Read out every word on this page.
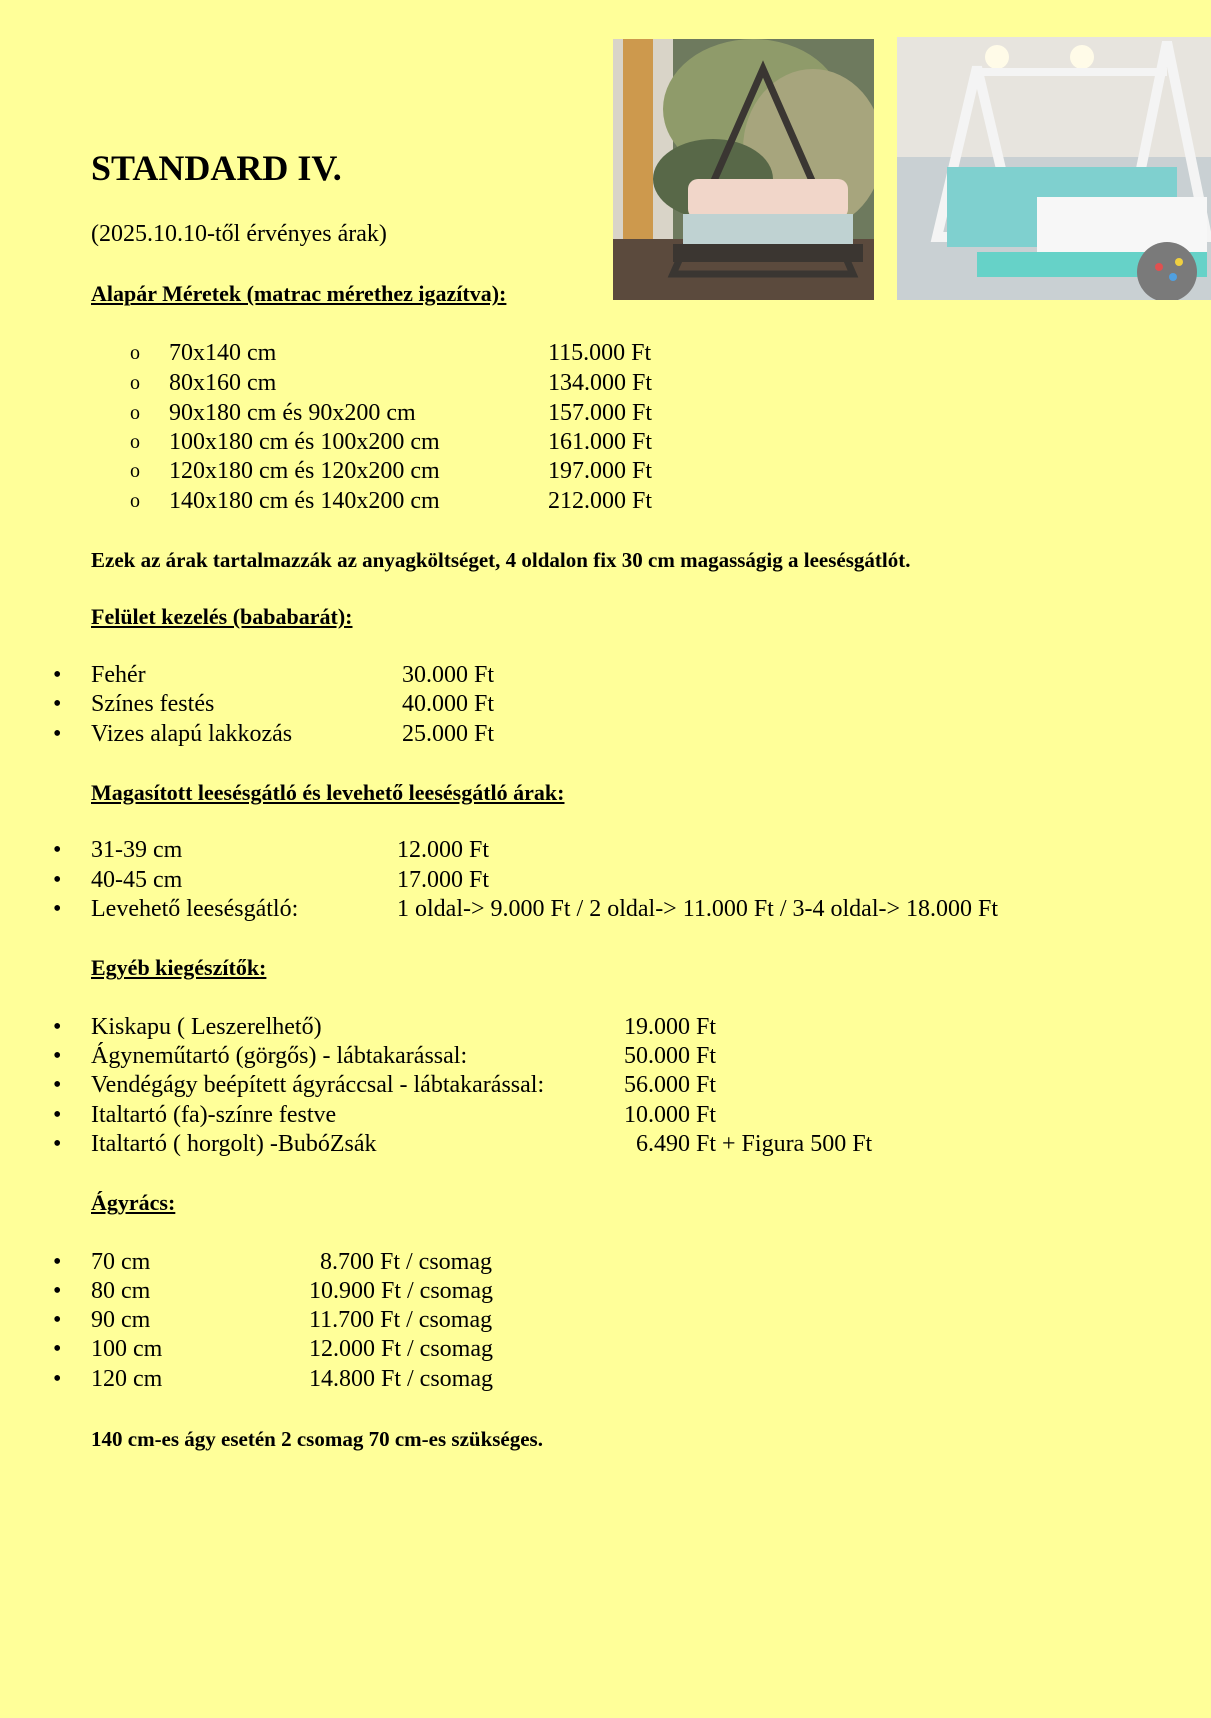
STANDARD IV.
(2025.10.10-től érvényes árak)
Alapár Méretek (matrac mérethez igazítva):
o 70x140 cm	115.000 Ft
o 80x160 cm	134.000 Ft
o 90x180 cm és 90x200 cm	157.000 Ft
o 100x180 cm és 100x200 cm	161.000 Ft
o 120x180 cm és 120x200 cm	197.000 Ft
o 140x180 cm és 140x200 cm	212.000 Ft
Ezek az árak tartalmazzák az anyagköltséget, 4 oldalon fix 30 cm magasságig a leesésgátlót.
Felület kezelés (bababarát):
• Fehér	30.000 Ft
• Színes festés	40.000 Ft
• Vizes alapú lakkozás	25.000 Ft
Magasított leesésgátló és levehető leesésgátló árak:
• 31-39 cm	12.000 Ft
• 40-45 cm	17.000 Ft
• Levehető leesésgátló:	1 oldal-> 9.000 Ft / 2 oldal-> 11.000 Ft / 3-4 oldal-> 18.000 Ft
Egyéb kiegészítők:
• Kiskapu ( Leszerelhető)	19.000 Ft
• Ágyneműtartó (görgős) - lábtakarással:	50.000 Ft
• Vendégágy beépített ágyráccsal - lábtakarással:	56.000 Ft
• Italtartó (fa)-színre festve	10.000 Ft
• Italtartó ( horgolt) -BubóZsák	6.490 Ft + Figura 500 Ft
Ágyrács:
• 70 cm	8.700 Ft / csomag
• 80 cm	10.900 Ft / csomag
• 90 cm	11.700 Ft / csomag
• 100 cm	12.000 Ft / csomag
• 120 cm	14.800 Ft / csomag
140 cm-es ágy esetén 2 csomag 70 cm-es szükséges.
